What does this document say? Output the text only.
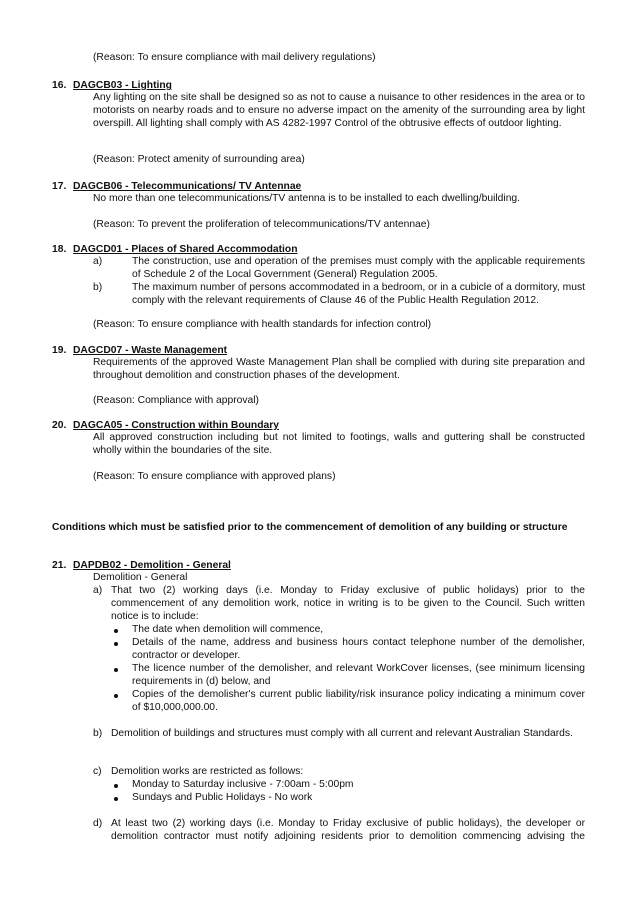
(Reason: To ensure compliance with mail delivery regulations)
16. DAGCB03 - Lighting
Any lighting on the site shall be designed so as not to cause a nuisance to other residences in the area or to motorists on nearby roads and to ensure no adverse impact on the amenity of the surrounding area by light overspill. All lighting shall comply with AS 4282-1997 Control of the obtrusive effects of outdoor lighting.
(Reason: Protect amenity of surrounding area)
17. DAGCB06 - Telecommunications/ TV Antennae
No more than one telecommunications/TV antenna is to be installed to each dwelling/building.
(Reason: To prevent the proliferation of telecommunications/TV antennae)
18. DAGCD01 - Places of Shared Accommodation
a)	The construction, use and operation of the premises must comply with the applicable requirements of Schedule 2 of the Local Government (General) Regulation 2005.
b)	The maximum number of persons accommodated in a bedroom, or in a cubicle of a dormitory, must comply with the relevant requirements of Clause 46 of the Public Health Regulation 2012.
(Reason: To ensure compliance with health standards for infection control)
19. DAGCD07 - Waste Management
Requirements of the approved Waste Management Plan shall be complied with during site preparation and throughout demolition and construction phases of the development.
(Reason: Compliance with approval)
20. DAGCA05 - Construction within Boundary
All approved construction including but not limited to footings, walls and guttering shall be constructed wholly within the boundaries of the site.
(Reason: To ensure compliance with approved plans)
Conditions which must be satisfied prior to the commencement of demolition of any building or structure
21. DAPDB02 - Demolition - General
Demolition - General
a) That two (2) working days (i.e. Monday to Friday exclusive of public holidays) prior to the commencement of any demolition work, notice in writing is to be given to the Council. Such written notice is to include:
The date when demolition will commence,
Details of the name, address and business hours contact telephone number of the demolisher, contractor or developer.
The licence number of the demolisher, and relevant WorkCover licenses, (see minimum licensing requirements in (d) below, and
Copies of the demolisher's current public liability/risk insurance policy indicating a minimum cover of $10,000,000.00.
b) Demolition of buildings and structures must comply with all current and relevant Australian Standards.
c) Demolition works are restricted as follows:
Monday to Saturday inclusive - 7:00am - 5:00pm
Sundays and Public Holidays - No work
d) At least two (2) working days (i.e. Monday to Friday exclusive of public holidays), the developer or demolition contractor must notify adjoining residents prior to demolition commencing advising the
